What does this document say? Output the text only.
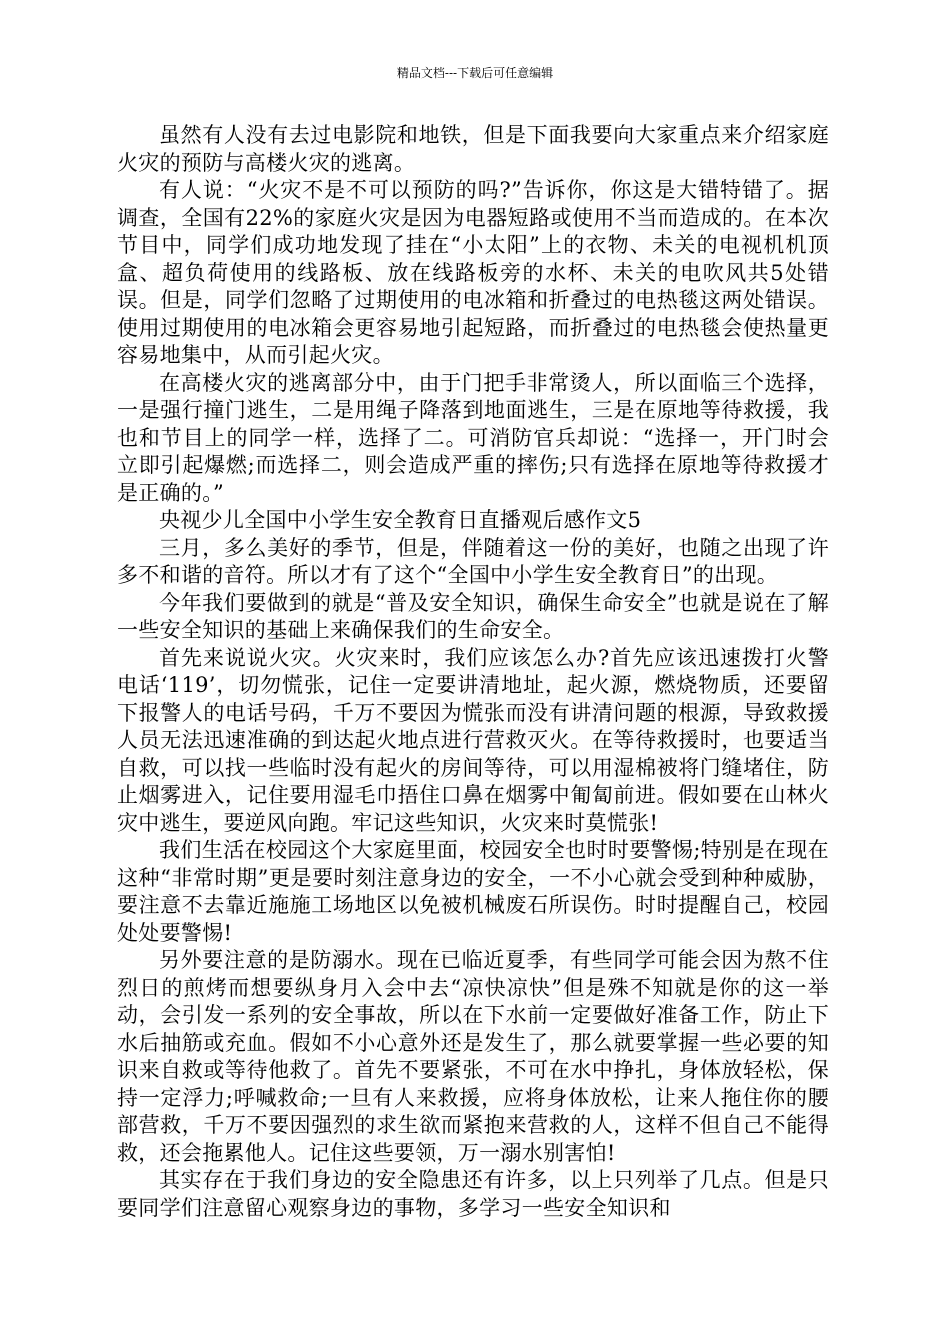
精品文档---下载后可任意编辑

虽然有人没有去过电影院和地铁，但是下面我要向大家重点来介绍家庭火灾的预防与高楼火灾的逃离。

有人说：“火灾不是不可以预防的吗?”告诉你，你这是大错特错了。据调查，全国有22%的家庭火灾是因为电器短路或使用不当而造成的。在本次节目中，同学们成功地发现了挂在“小太阳”上的衣物、未关的电视机机顶盒、超负荷使用的线路板、放在线路板旁的水杯、未关的电吹风共5处错误。但是，同学们忽略了过期使用的电冰箱和折叠过的电热毯这两处错误。使用过期使用的电冰箱会更容易地引起短路，而折叠过的电热毯会使热量更容易地集中，从而引起火灾。

在高楼火灾的逃离部分中，由于门把手非常烫人，所以面临三个选择，一是强行撞门逃生，二是用绳子降落到地面逃生，三是在原地等待救援，我也和节目上的同学一样，选择了二。可消防官兵却说：“选择一，开门时会立即引起爆燃;而选择二，则会造成严重的摔伤;只有选择在原地等待救援才是正确的。”

央视少儿全国中小学生安全教育日直播观后感作文5

三月，多么美好的季节，但是，伴随着这一份的美好，也随之出现了许多不和谐的音符。所以才有了这个“全国中小学生安全教育日”的出现。

今年我们要做到的就是“普及安全知识，确保生命安全”也就是说在了解一些安全知识的基础上来确保我们的生命安全。

首先来说说火灾。火灾来时，我们应该怎么办?首先应该迅速拨打火警电话‘119’，切勿慌张，记住一定要讲清地址，起火源，燃烧物质，还要留下报警人的电话号码，千万不要因为慌张而没有讲清问题的根源，导致救援人员无法迅速准确的到达起火地点进行营救灭火。在等待救援时，也要适当自救，可以找一些临时没有起火的房间等待，可以用湿棉被将门缝堵住，防止烟雾进入，记住要用湿毛巾捂住口鼻在烟雾中匍匐前进。假如要在山林火灾中逃生，要逆风向跑。牢记这些知识，火灾来时莫慌张!

我们生活在校园这个大家庭里面，校园安全也时时要警惕;特别是在现在这种“非常时期”更是要时刻注意身边的安全，一不小心就会受到种种威胁，要注意不去靠近施施工场地区以免被机械废石所误伤。时时提醒自己，校园处处要警惕!

另外要注意的是防溺水。现在已临近夏季，有些同学可能会因为熬不住烈日的煎烤而想要纵身月入会中去“凉快凉快”但是殊不知就是你的这一举动，会引发一系列的安全事故，所以在下水前一定要做好准备工作，防止下水后抽筋或充血。假如不小心意外还是发生了，那么就要掌握一些必要的知识来自救或等待他救了。首先不要紧张，不可在水中挣扎，身体放轻松，保持一定浮力;呼喊救命;一旦有人来救援，应将身体放松，让来人拖住你的腰部营救，千万不要因强烈的求生欲而紧抱来营救的人，这样不但自己不能得救，还会拖累他人。记住这些要领，万一溺水别害怕!

其实存在于我们身边的安全隐患还有许多，以上只列举了几点。但是只要同学们注意留心观察身边的事物，多学习一些安全知识和
